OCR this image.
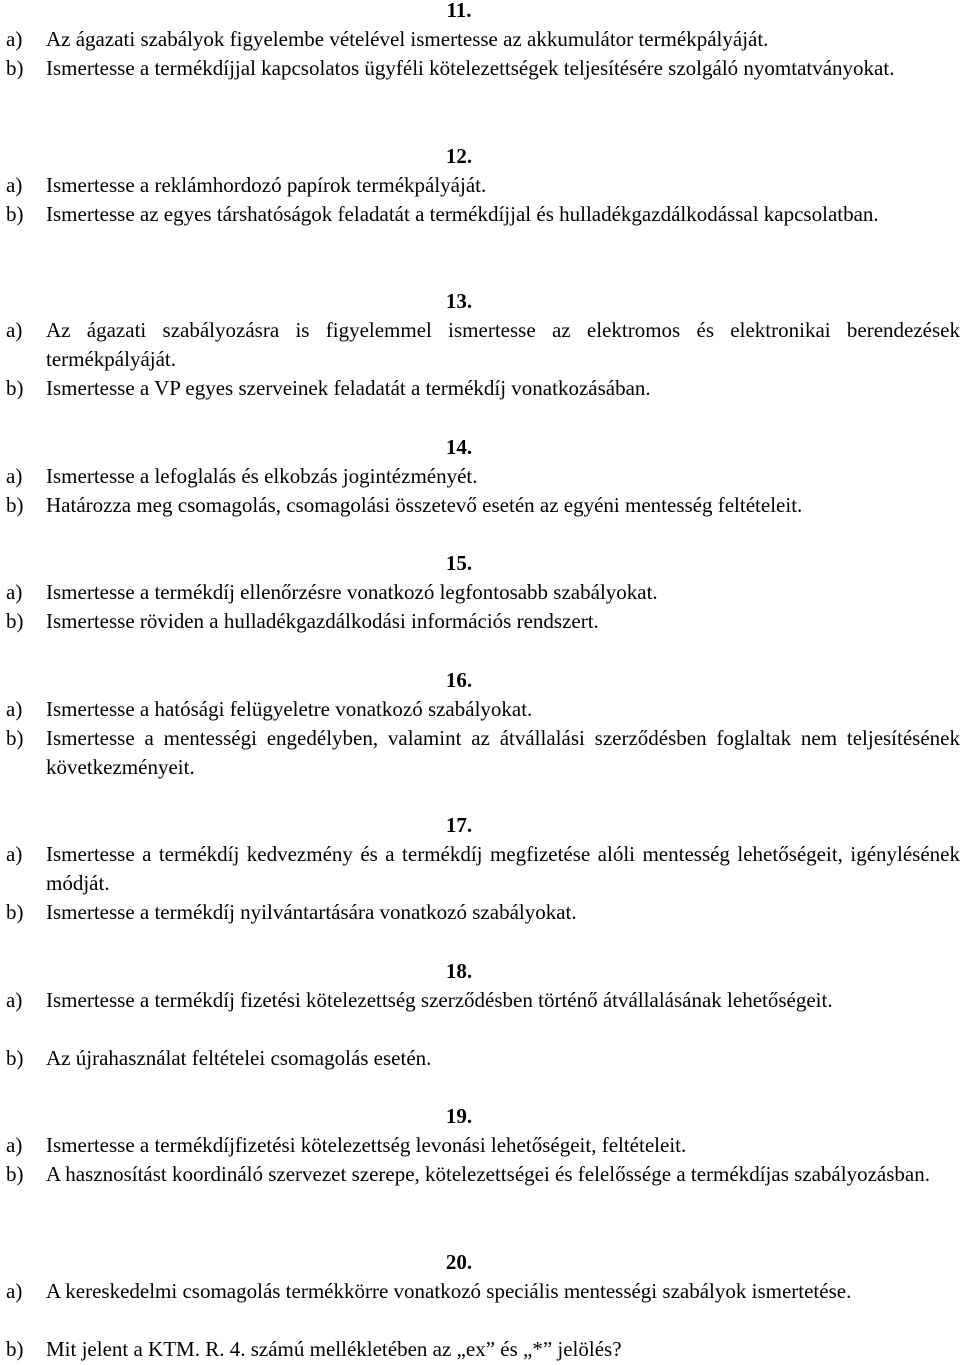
11.
a) Az ágazati szabályok figyelembe vételével ismertesse az akkumulátor termékpályáját.
b) Ismertesse a termékdíjjal kapcsolatos ügyféli kötelezettségek teljesítésére szolgáló nyomtatványokat.
12.
a) Ismertesse a reklámhordozó papírok termékpályáját.
b) Ismertesse az egyes társhatóságok feladatát a termékdíjjal és hulladékgazdálkodással kapcsolatban.
13.
a) Az ágazati szabályozásra is figyelemmel ismertesse az elektromos és elektronikai berendezések termékpályáját.
b) Ismertesse a VP egyes szerveinek feladatát a termékdíj vonatkozásában.
14.
a) Ismertesse a lefoglalás és elkobzás jogintézményét.
b) Határozza meg csomagolás, csomagolási összetevő esetén az egyéni mentesség feltételeit.
15.
a) Ismertesse a termékdíj ellenőrzésre vonatkozó legfontosabb szabályokat.
b) Ismertesse röviden a hulladékgazdálkodási információs rendszert.
16.
a) Ismertesse a hatósági felügyeletre vonatkozó szabályokat.
b) Ismertesse a mentességi engedélyben, valamint az átvállalási szerződésben foglaltak nem teljesítésének következményeit.
17.
a) Ismertesse a termékdíj kedvezmény és a termékdíj megfizetése alóli mentesség lehetőségeit, igénylésének módját.
b) Ismertesse a termékdíj nyilvántartására vonatkozó szabályokat.
18.
a) Ismertesse a termékdíj fizetési kötelezettség szerződésben történő átvállalásának lehetőségeit.
b) Az újrahasználat feltételei csomagolás esetén.
19.
a) Ismertesse a termékdíjfizetési kötelezettség levonási lehetőségeit, feltételeit.
b) A hasznosítást koordináló szervezet szerepe, kötelezettségei és felelőssége a termékdíjas szabályozásban.
20.
a) A kereskedelmi csomagolás termékkörre vonatkozó speciális mentességi szabályok ismertetése.
b) Mit jelent a KTM. R. 4. számú mellékletében az „ex” és „*” jelölés?
